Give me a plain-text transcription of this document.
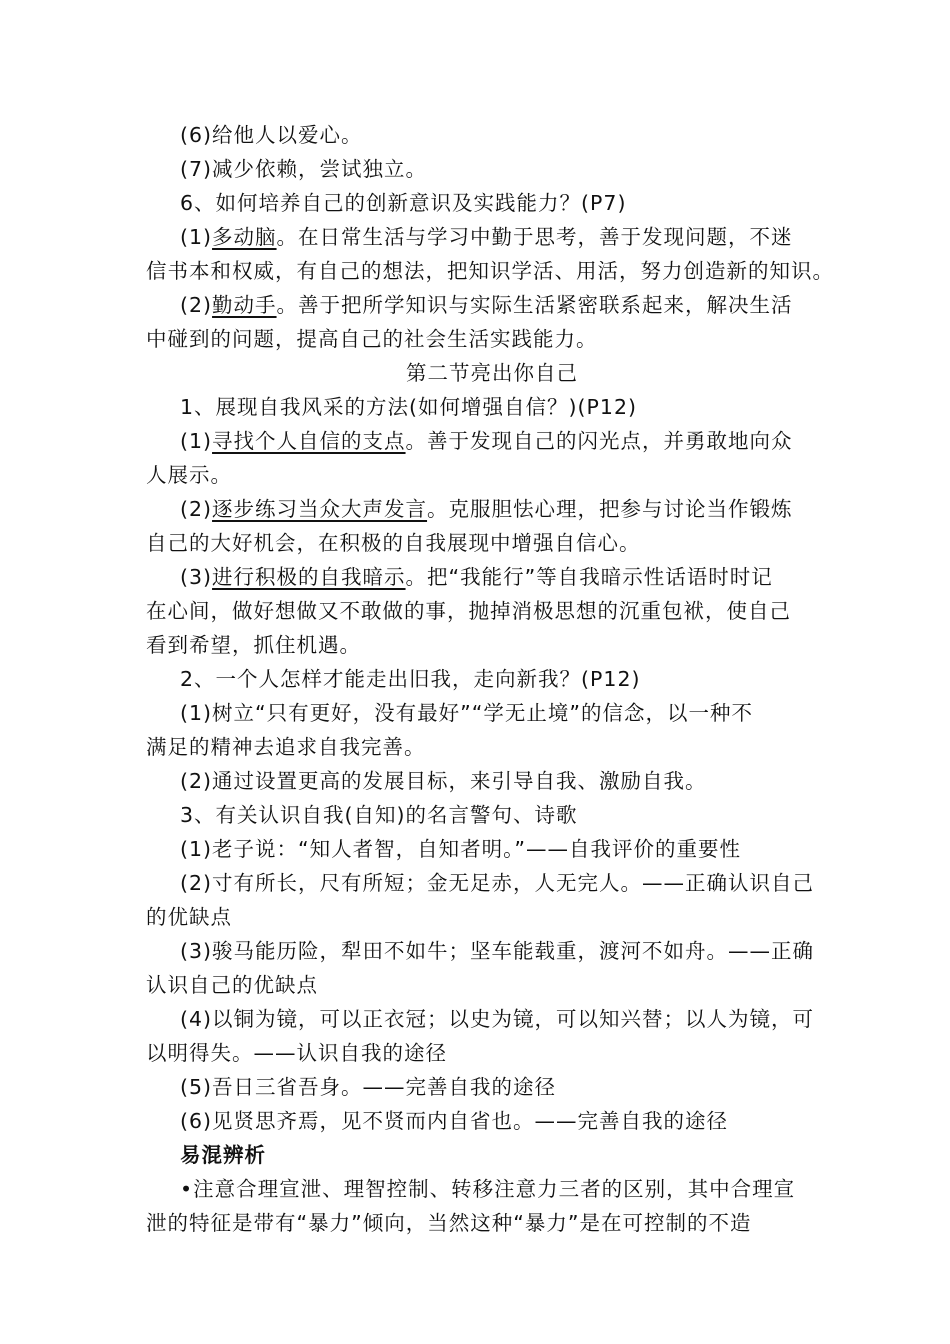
(6)给他人以爱心。
(7)减少依赖，尝试独立。
6、如何培养自己的创新意识及实践能力？(P7)
(1)多动脑。在日常生活与学习中勤于思考，善于发现问题，不迷
信书本和权威，有自己的想法，把知识学活、用活，努力创造新的知识。
(2)勤动手。善于把所学知识与实际生活紧密联系起来，解决生活
中碰到的问题，提高自己的社会生活实践能力。
第二节亮出你自己
1、展现自我风采的方法(如何增强自信？)(P12)
(1)寻找个人自信的支点。善于发现自己的闪光点，并勇敢地向众
人展示。
(2)逐步练习当众大声发言。克服胆怯心理，把参与讨论当作锻炼
自己的大好机会，在积极的自我展现中增强自信心。
(3)进行积极的自我暗示。把“我能行”等自我暗示性话语时时记
在心间，做好想做又不敢做的事，抛掉消极思想的沉重包袱，使自己
看到希望，抓住机遇。
2、一个人怎样才能走出旧我，走向新我？(P12)
(1)树立“只有更好，没有最好”“学无止境”的信念，以一种不
满足的精神去追求自我完善。
(2)通过设置更高的发展目标，来引导自我、激励自我。
3、有关认识自我(自知)的名言警句、诗歌
(1)老子说：“知人者智，自知者明。”——自我评价的重要性
(2)寸有所长，尺有所短；金无足赤，人无完人。——正确认识自己
的优缺点
(3)骏马能历险，犁田不如牛；坚车能载重，渡河不如舟。——正确
认识自己的优缺点
(4)以铜为镜，可以正衣冠；以史为镜，可以知兴替；以人为镜，可
以明得失。——认识自我的途径
(5)吾日三省吾身。——完善自我的途径
(6)见贤思齐焉，见不贤而内自省也。——完善自我的途径
易混辨析
•注意合理宣泄、理智控制、转移注意力三者的区别，其中合理宣
泄的特征是带有“暴力”倾向，当然这种“暴力”是在可控制的不造
